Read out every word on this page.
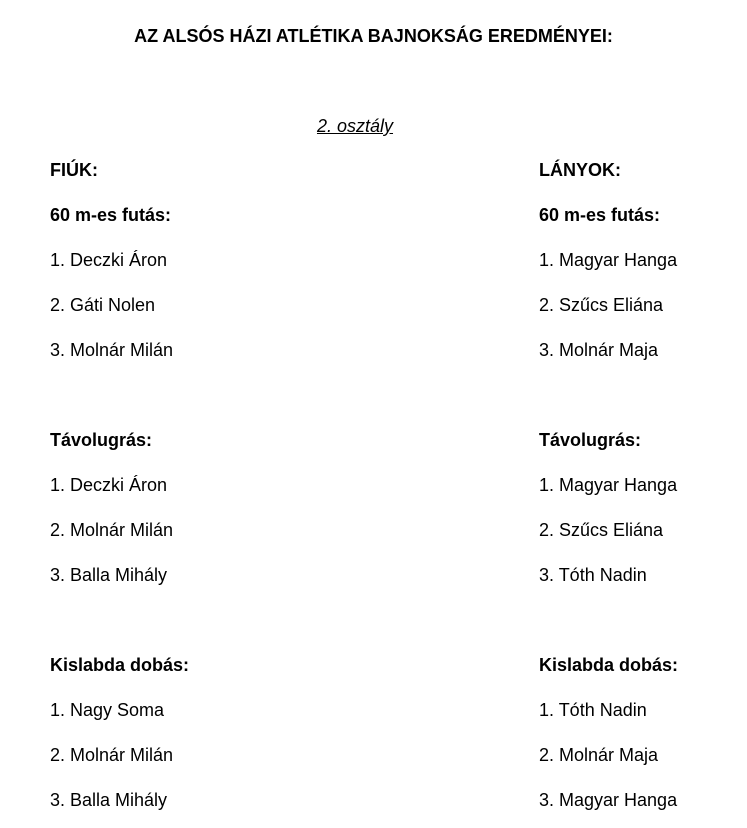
AZ ALSÓS HÁZI ATLÉTIKA BAJNOKSÁG EREDMÉNYEI:
2. osztály
FIÚK:
60 m-es futás:
1. Deczki Áron
2. Gáti Nolen
3. Molnár Milán
Távolugrás:
1. Deczki Áron
2. Molnár Milán
3. Balla Mihály
Kislabda dobás:
1. Nagy Soma
2. Molnár Milán
3. Balla Mihály
LÁNYOK:
60 m-es futás:
1. Magyar Hanga
2. Szűcs Eliána
3. Molnár Maja
Távolugrás:
1. Magyar Hanga
2. Szűcs Eliána
3. Tóth Nadin
Kislabda dobás:
1. Tóth Nadin
2. Molnár Maja
3. Magyar Hanga
